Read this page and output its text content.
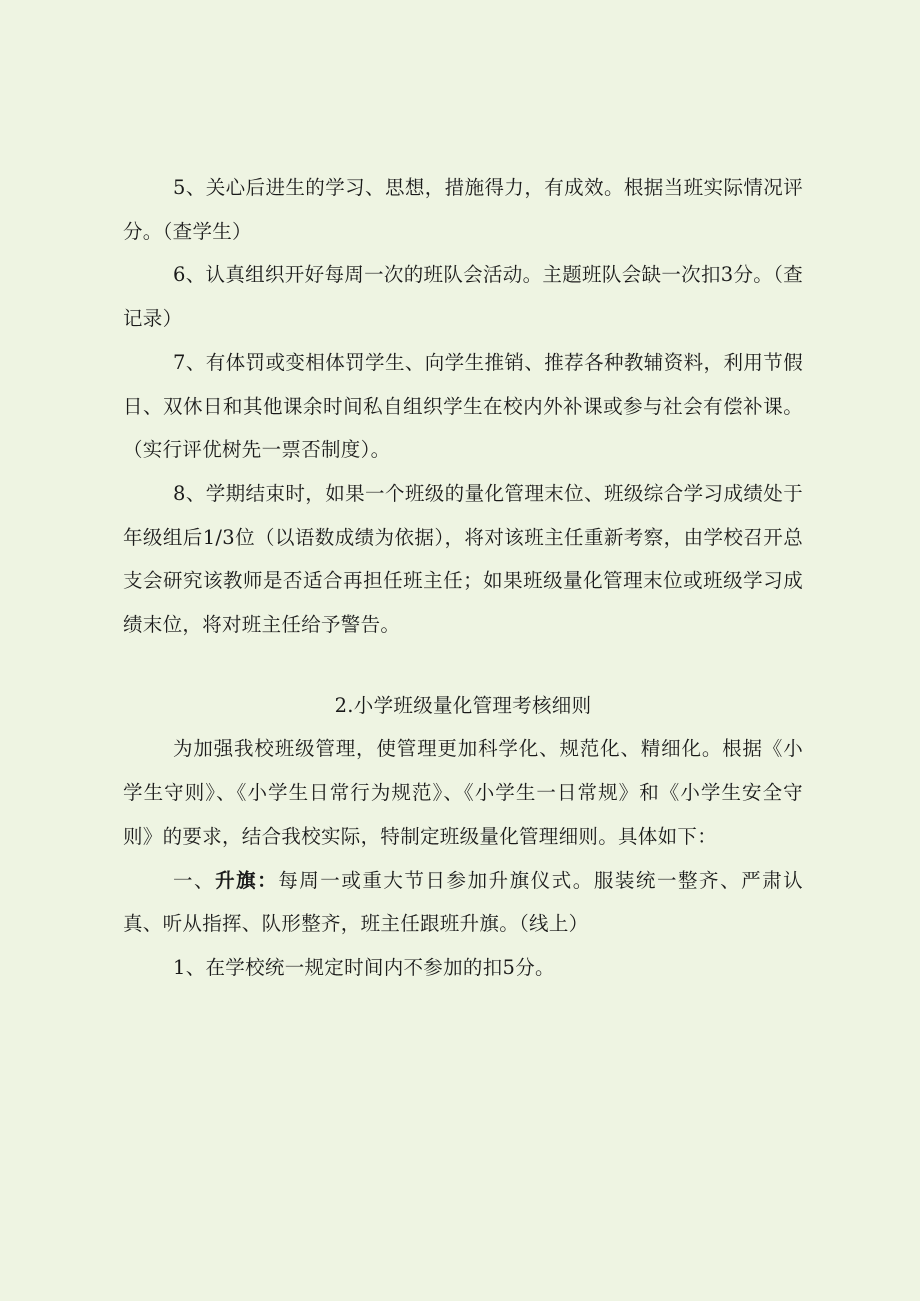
5、关心后进生的学习、思想，措施得力，有成效。根据当班实际情况评分。（查学生）

6、认真组织开好每周一次的班队会活动。主题班队会缺一次扣3分。（查记录）

7、有体罚或变相体罚学生、向学生推销、推荐各种教辅资料，利用节假日、双休日和其他课余时间私自组织学生在校内外补课或参与社会有偿补课。（实行评优树先一票否制度）。

8、学期结束时，如果一个班级的量化管理末位、班级综合学习成绩处于年级组后1/3位（以语数成绩为依据），将对该班主任重新考察，由学校召开总支会研究该教师是否适合再担任班主任；如果班级量化管理末位或班级学习成绩末位，将对班主任给予警告。

2.小学班级量化管理考核细则

为加强我校班级管理，使管理更加科学化、规范化、精细化。根据《小学生守则》、《小学生日常行为规范》、《小学生一日常规》和《小学生安全守则》的要求，结合我校实际，特制定班级量化管理细则。具体如下：

一、升旗：每周一或重大节日参加升旗仪式。服装统一整齐、严肃认真、听从指挥、队形整齐，班主任跟班升旗。（线上）

1、在学校统一规定时间内不参加的扣5分。
